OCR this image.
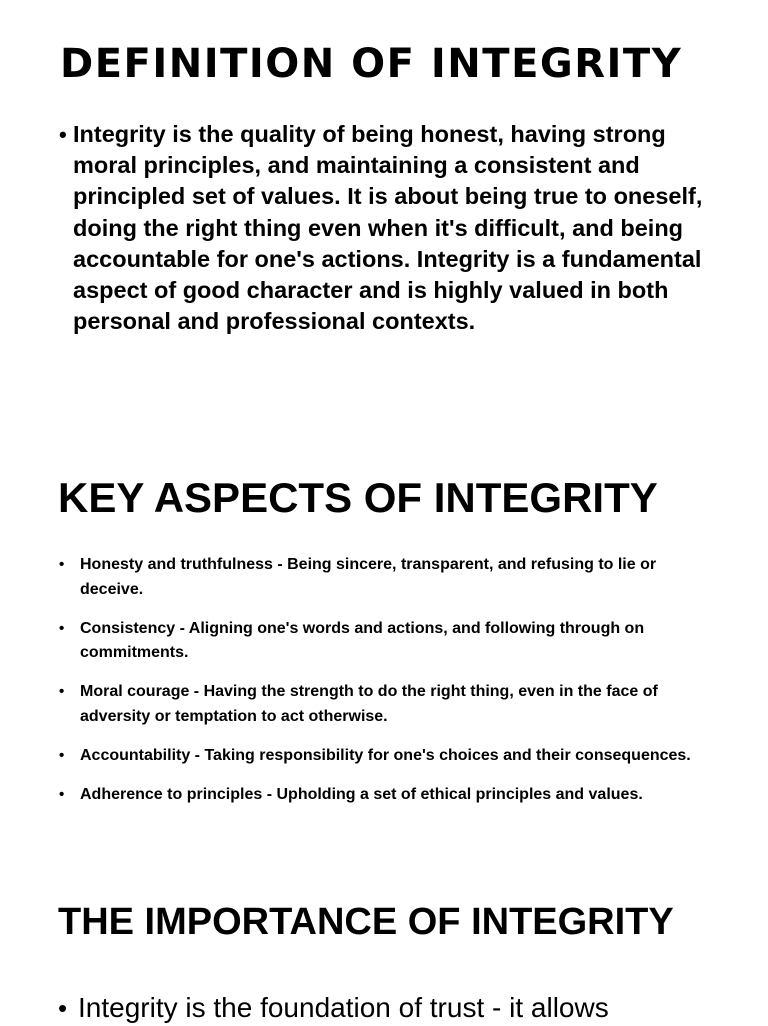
DEFINITION OF INTEGRITY
• Integrity is the quality of being honest, having strong moral principles, and maintaining a consistent and principled set of values. It is about being true to oneself, doing the right thing even when it's difficult, and being accountable for one's actions. Integrity is a fundamental aspect of good character and is highly valued in both personal and professional contexts.

KEY ASPECTS OF INTEGRITY
• Honesty and truthfulness - Being sincere, transparent, and refusing to lie or deceive.
• Consistency - Aligning one's words and actions, and following through on commitments.
• Moral courage - Having the strength to do the right thing, even in the face of adversity or temptation to act otherwise.
• Accountability - Taking responsibility for one's choices and their consequences.
• Adherence to principles - Upholding a set of ethical principles and values.
THE IMPORTANCE OF INTEGRITY
• Integrity is the foundation of trust - it allows
